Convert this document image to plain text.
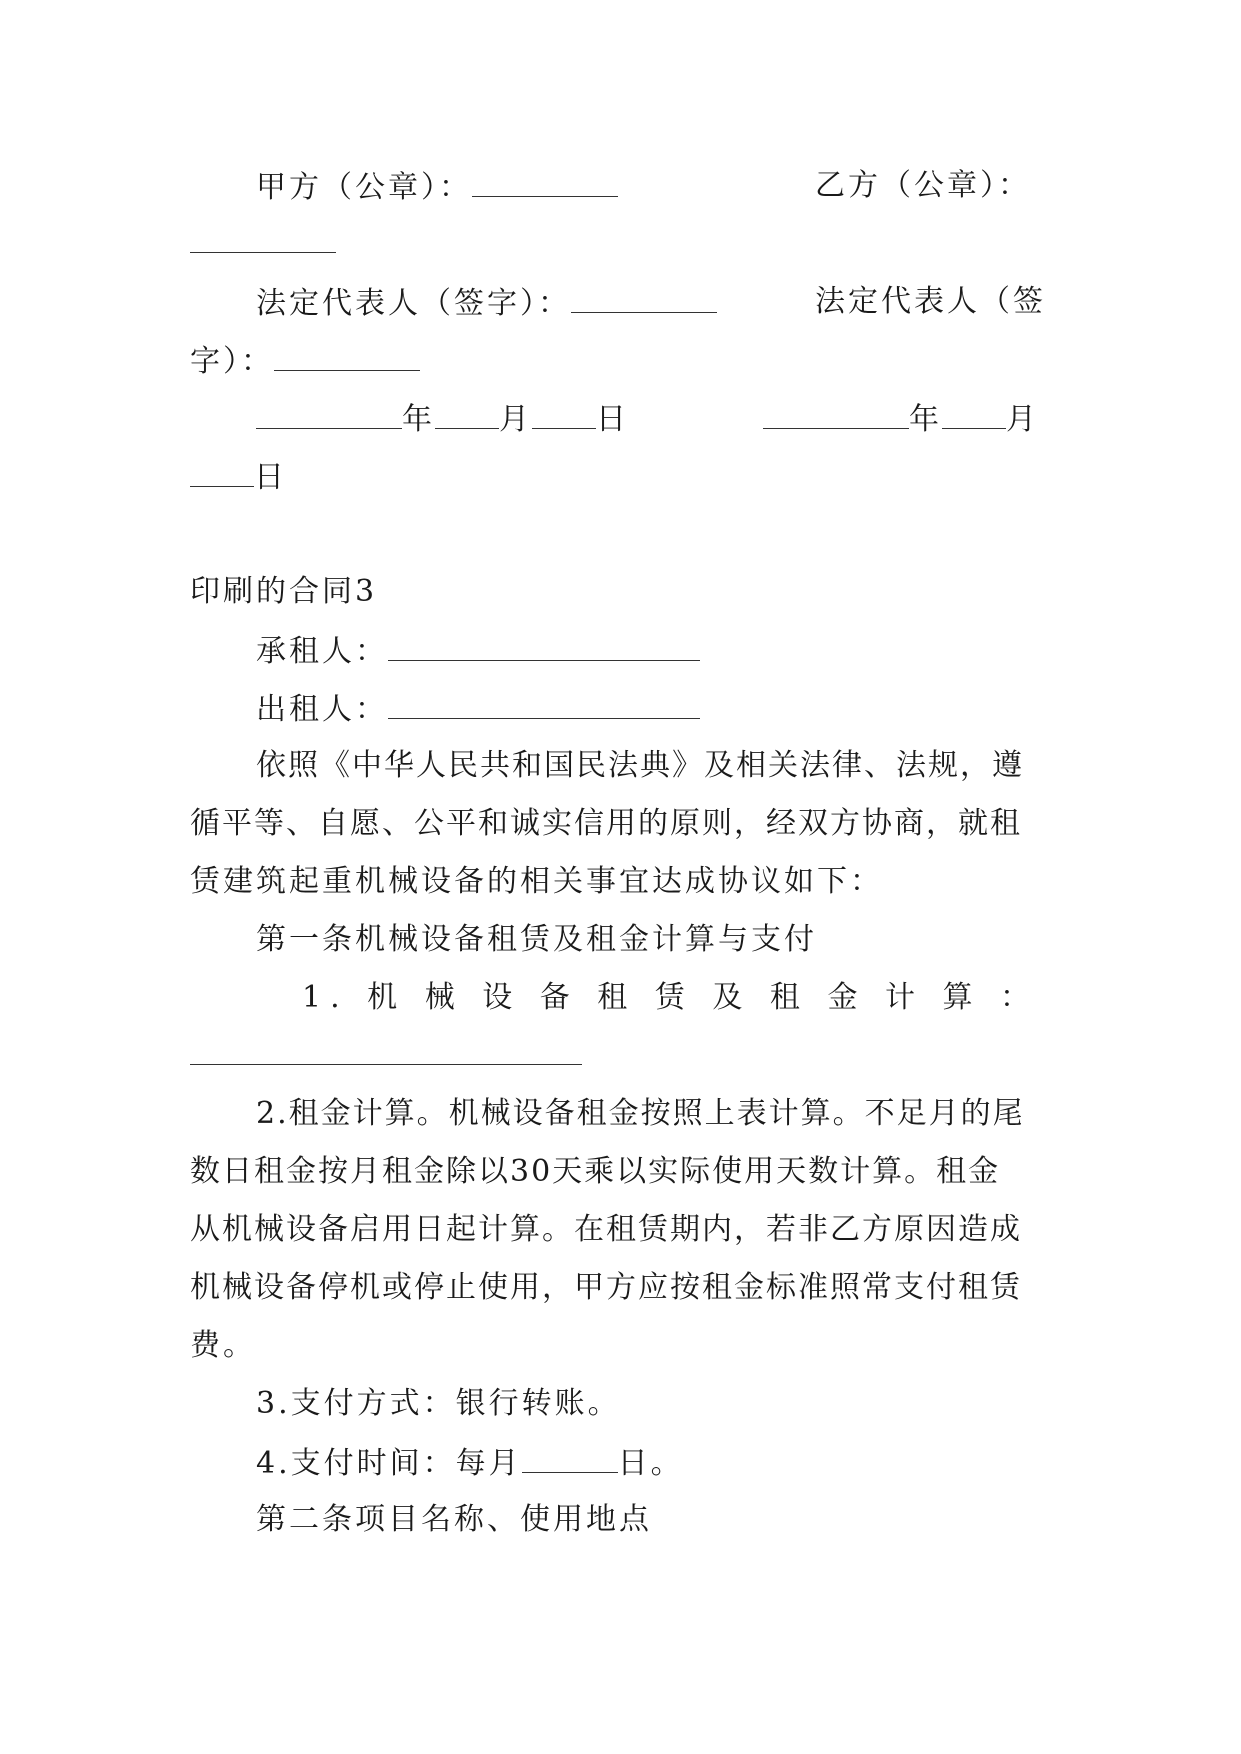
甲方（公章）：	乙方（公章）：
法定代表人（签字）：	法定代表人（签
字）：
年 月 日	年 月
日
印刷的合同3
承租人：
出租人：
依照《中华人民共和国民法典》及相关法律、法规，遵
循平等、自愿、公平和诚实信用的原则，经双方协商，就租
赁建筑起重机械设备的相关事宜达成协议如下：
第一条机械设备租赁及租金计算与支付
1. 机 械 设 备 租 赁 及 租 金 计 算 ：
2.租金计算。机械设备租金按照上表计算。不足月的尾
数日租金按月租金除以30天乘以实际使用天数计算。租金
从机械设备启用日起计算。在租赁期内，若非乙方原因造成
机械设备停机或停止使用，甲方应按租金标准照常支付租赁
费。
3.支付方式：银行转账。
4.支付时间：每月	日。
第二条项目名称、使用地点
